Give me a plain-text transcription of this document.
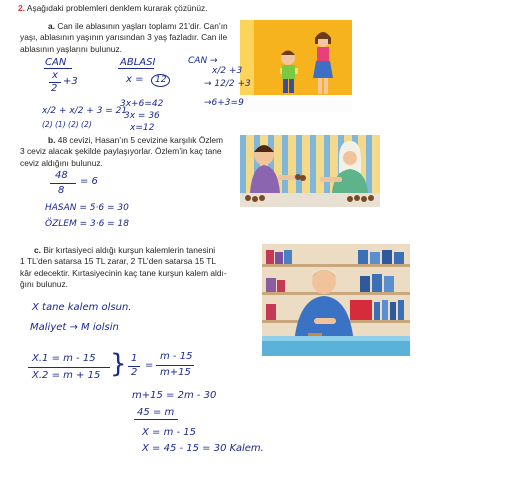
2. Aşağıdaki problemleri denklem kurarak çözünüz.
a. Can ile ablasının yaşları toplamı 21’dir. Can’ın
yaşı, ablasının yaşının yarısından 3 yaş fazladır. Can ile
ablasının yaşlarını bulunuz.
CAN	ABLASI
x
2
+3	x =	12
x/2 + x/2 + 3 = 21
(2) (1) (2) (2)
3x+6=42
3x = 36
x=12
CAN →
x/2 +3
→ 12/2 +3
→6+3=9
b. 48 cevizi, Hasan’ın 5 cevizine karşılık Özlem
3 ceviz alacak şekilde paylaşıyorlar. Özlem’in kaç tane
ceviz aldığını bulunuz.
48
8
= 6
HASAN = 5·6 = 30
ÖZLEM = 3·6 = 18
c. Bir kırtasiyeci aldığı kurşun kalemlerin tanesini
1 TL’den satarsa 15 TL zarar, 2 TL’den satarsa 15 TL
kâr edecektir. Kırtasiyecinin kaç tane kurşun kalem aldı-
ğını bulunuz.
X tane kalem olsun.
Maliyet → M iolsin
X.1 = m - 15
X.2 = m + 15 } 1
2
=
m - 15
m+15
m+15 = 2m - 30
45 = m
X = m - 15
X = 45 - 15 = 30 Kalem.
